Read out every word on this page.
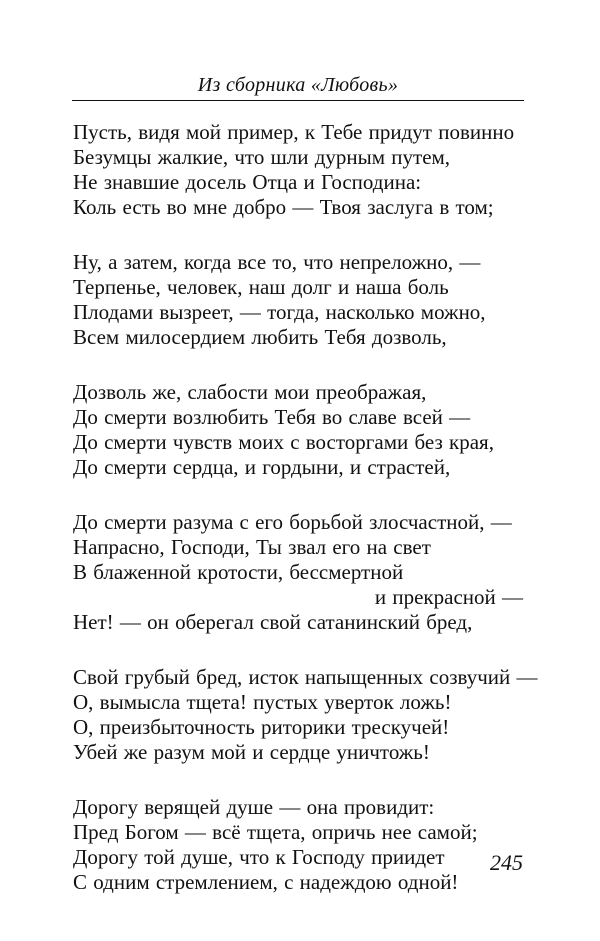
Из сборника «Любовь»
Пусть, видя мой пример, к Тебе придут повинно
Безумцы жалкие, что шли дурным путем,
Не знавшие досель Отца и Господина:
Коль есть во мне добро — Твоя заслуга в том;
Ну, а затем, когда все то, что непреложно, —
Терпенье, человек, наш долг и наша боль
Плодами вызреет, — тогда, насколько можно,
Всем милосердием любить Тебя дозволь,
Дозволь же, слабости мои преображая,
До смерти возлюбить Тебя во славе всей —
До смерти чувств моих с восторгами без края,
До смерти сердца, и гордыни, и страстей,
До смерти разума с его борьбой злосчастной, —
Напрасно, Господи, Ты звал его на свет
В блаженной кротости, бессмертной
и прекрасной —
Нет! — он оберегал свой сатанинский бред,
Свой грубый бред, исток напыщенных созвучий —
О, вымысла тщета! пустых уверток ложь!
О, преизбыточность риторики трескучей!
Убей же разум мой и сердце уничтожь!
Дорогу верящей душе — она провидит:
Пред Богом — всё тщета, опричь нее самой;
Дорогу той душе, что к Господу приидет
С одним стремлением, с надеждою одной!
245
